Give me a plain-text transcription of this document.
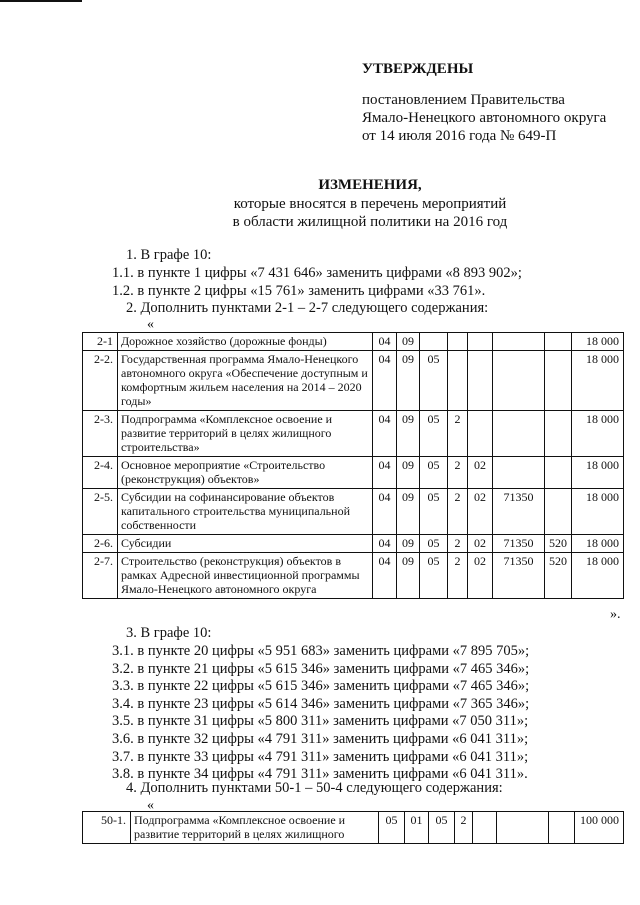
УТВЕРЖДЕНЫ
постановлением Правительства
Ямало-Ненецкого автономного округа
от 14 июля 2016 года № 649-П
ИЗМЕНЕНИЯ,
которые вносятся в перечень мероприятий
в области жилищной политики на 2016 год
1. В графе 10:
1.1. в пункте 1 цифры «7 431 646» заменить цифрами «8 893 902»;
1.2. в пункте 2 цифры «15 761» заменить цифрами «33 761».
2. Дополнить пунктами 2-1 – 2-7 следующего содержания:
«
2-1	Дорожное хозяйство (дорожные фонды)	04	09						18 000
2-2.	Государственная программа Ямало-Ненецкого автономного округа «Обеспечение доступным и комфортным жильем населения на 2014 – 2020 годы»	04	09	05					18 000
2-3.	Подпрограмма «Комплексное освоение и развитие территорий в целях жилищного строительства»	04	09	05	2				18 000
2-4.	Основное мероприятие «Строительство (реконструкция) объектов»	04	09	05	2	02			18 000
2-5.	Субсидии на софинансирование объектов капитального строительства муниципальной собственности	04	09	05	2	02	71350		18 000
2-6.	Субсидии	04	09	05	2	02	71350	520	18 000
2-7.	Строительство (реконструкция) объектов в рамках Адресной инвестиционной программы Ямало-Ненецкого автономного округа	04	09	05	2	02	71350	520	18 000
».
3. В графе 10:
3.1. в пункте 20 цифры «5 951 683» заменить цифрами «7 895 705»;
3.2. в пункте 21 цифры «5 615 346» заменить цифрами «7 465 346»;
3.3. в пункте 22 цифры «5 615 346» заменить цифрами «7 465 346»;
3.4. в пункте 23 цифры «5 614 346» заменить цифрами «7 365 346»;
3.5. в пункте 31 цифры «5 800 311» заменить цифрами «7 050 311»;
3.6. в пункте 32 цифры «4 791 311» заменить цифрами «6 041 311»;
3.7. в пункте 33 цифры «4 791 311» заменить цифрами «6 041 311»;
3.8. в пункте 34 цифры «4 791 311» заменить цифрами «6 041 311».
4. Дополнить пунктами 50-1 – 50-4 следующего содержания:
«
50-1.	Подпрограмма «Комплексное освоение и развитие территорий в целях жилищного	05	01	05	2				100 000
